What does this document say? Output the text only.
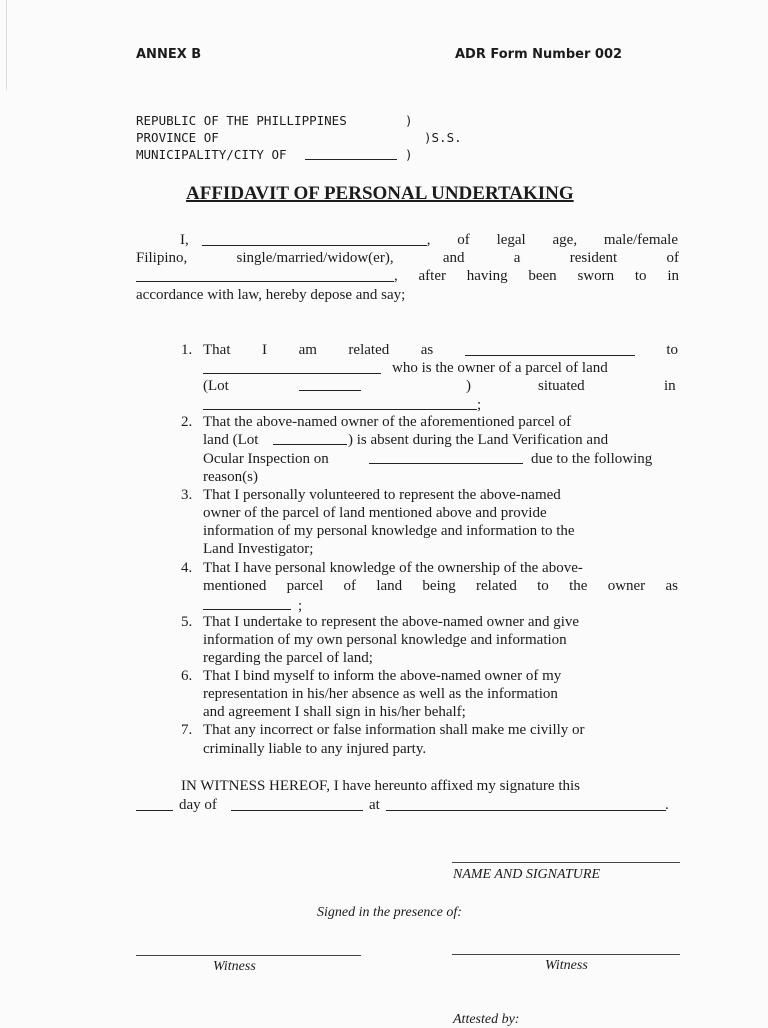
ANNEX B	ADR Form Number 002
REPUBLIC OF THE PHILLIPPINES	)
PROVINCE OF	)S.S.
MUNICIPALITY/CITY OF	)
AFFIDAVIT OF PERSONAL UNDERTAKING
I,	, of legal age, male/female
Filipino,	single/married/widow(er),	and	a	resident	of
, after having been sworn to in
accordance with law, hereby depose and say;
1. That I am related as	to
who is the owner of a parcel of land
(Lot	)	situated	in
;
2. That the above-named owner of the aforementioned parcel of
land (Lot	) is absent during the Land Verification and
Ocular Inspection on	due to the following
reason(s)
3. That I personally volunteered to represent the above-named
owner of the parcel of land mentioned above and provide
information of my personal knowledge and information to the
Land Investigator;
4. That I have personal knowledge of the ownership of the above-
mentioned parcel of land being related to the owner as
;
5. That I undertake to represent the above-named owner and give
information of my own personal knowledge and information
regarding the parcel of land;
6. That I bind myself to inform the above-named owner of my
representation in his/her absence as well as the information
and agreement I shall sign in his/her behalf;
7. That any incorrect or false information shall make me civilly or
criminally liable to any injured party.
IN WITNESS HEREOF, I have hereunto affixed my signature this
day of	at	.
NAME AND SIGNATURE
Signed in the presence of:
Witness	Witness
Attested by:
